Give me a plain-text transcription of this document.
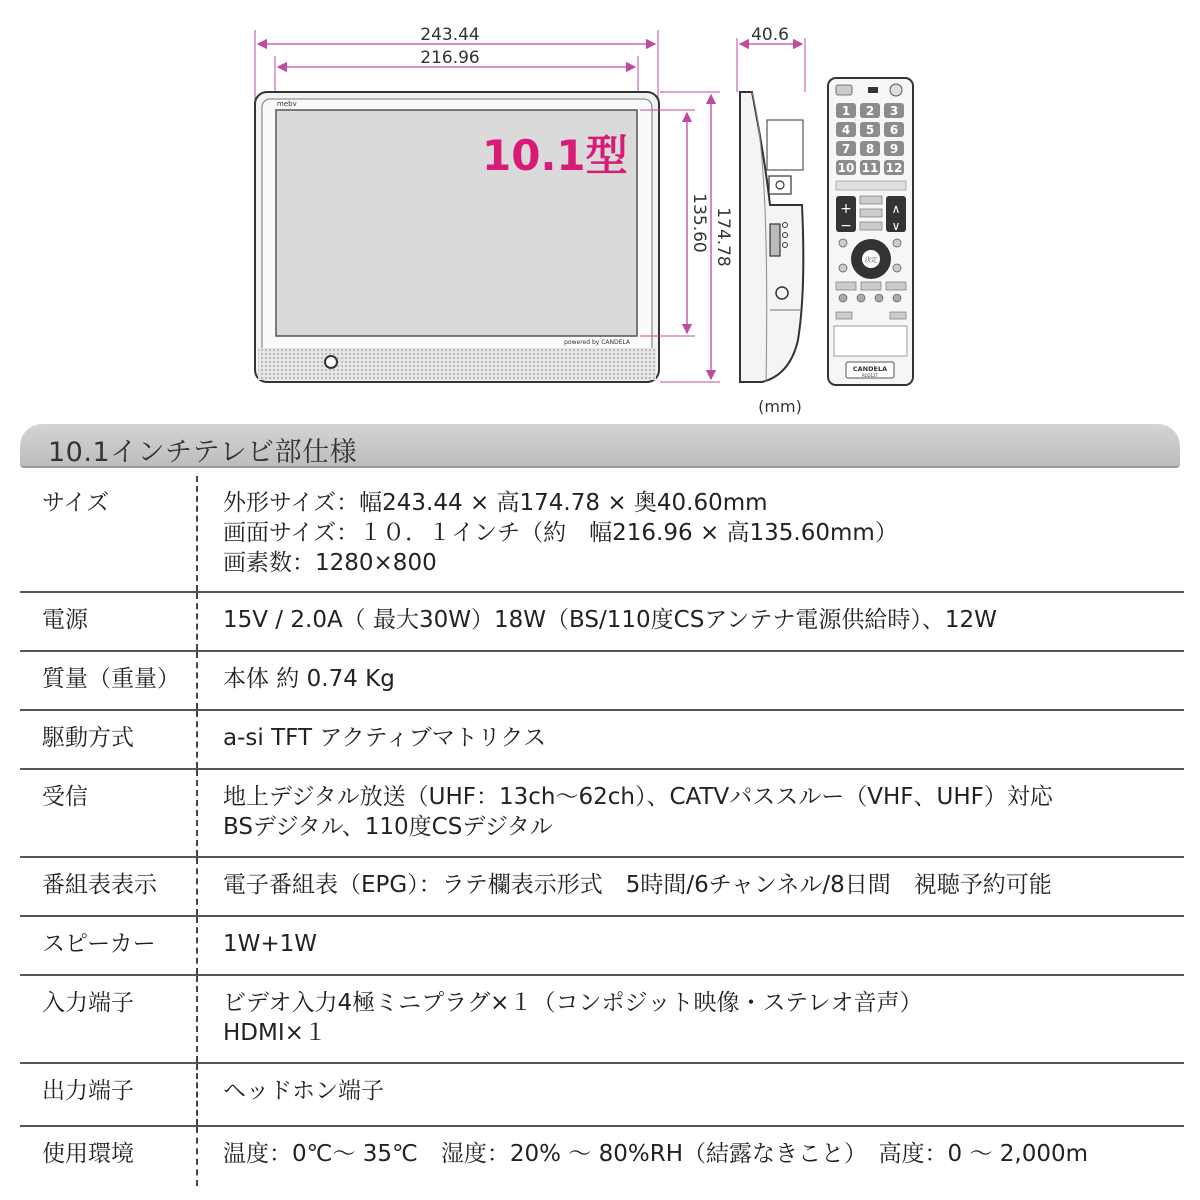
243.44
216.96
mebv
powered by CANDELA
10.1型
135.60 174.78
40.6
1 2 3
4 5 6
7 8 9
10 11 12
+
−
∧
∨
決定
CANDELA
RCD12T
(mm)
10.1インチテレビ部仕様
サイズ	外形サイズ：幅243.44 × 高174.78 × 奥40.60mm
画面サイズ：１０．１インチ（約　幅216.96 × 高135.60mm）
画素数：1280×800

電源	15V / 2.0A（ 最大30W）18W（BS/110度CSアンテナ電源供給時）、12W

質量（重量）	本体 約 0.74 Kg

駆動方式	a-si TFT アクティブマトリクス

受信	地上デジタル放送（UHF：13ch～62ch）、CATVパススルー（VHF、UHF）対応
BSデジタル、110度CSデジタル

番組表表示	電子番組表（EPG）：ラテ欄表示形式　5時間/6チャンネル/8日間　視聴予約可能

スピーカー	1W+1W

入力端子	ビデオ入力4極ミニプラグ×１（コンポジット映像・ステレオ音声）
HDMI×１

出力端子	ヘッドホン端子

使用環境	温度：0℃～ 35℃　湿度：20% ～ 80%RH（結露なきこと）　高度：0 ～ 2,000m
